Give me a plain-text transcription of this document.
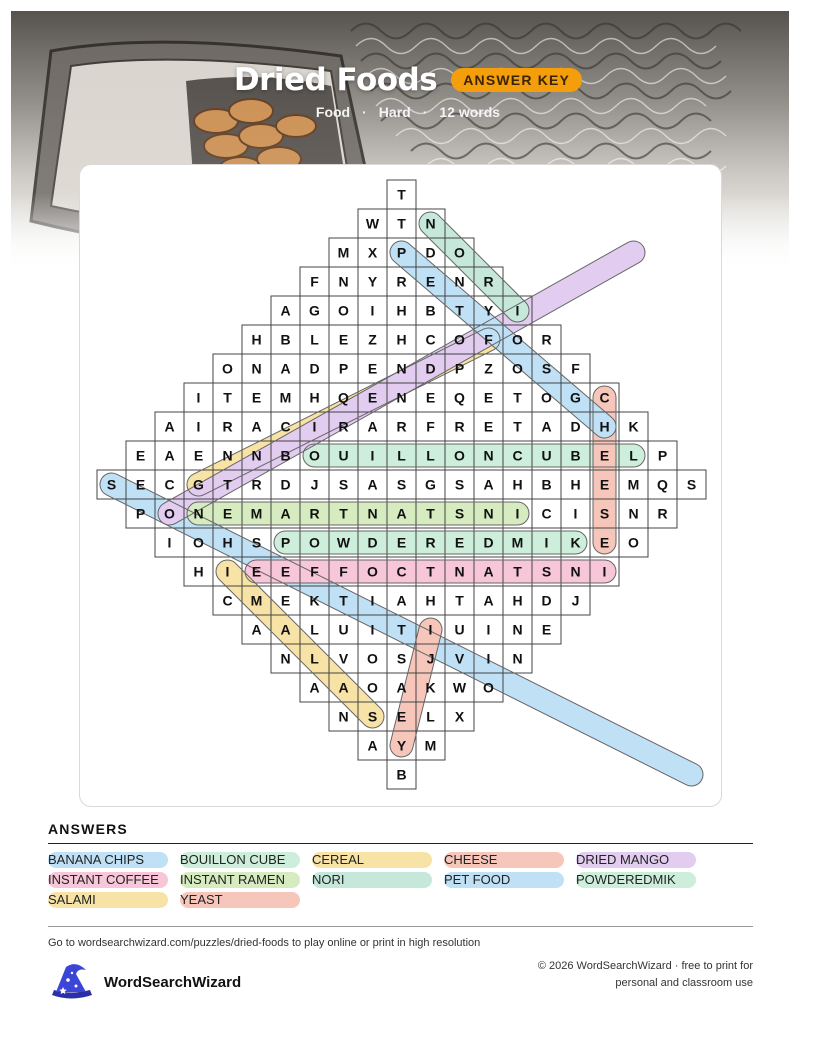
Dried Foods	ANSWER KEY
Food · Hard · 12 words
T
W T N
M X P D O
F N Y R E N R
A G O I H B T Y I
H B L E Z H C O F O R
O N A D P E N D P Z O S F
I T E M H Q E N E Q E T O G C
A I R A C I R A R F R E T A D H K
E A E N N B O U I L L O N C U B E L P
S E C G T R D J S A S G S A H B H E M Q S
P O N E M A R T N A T S N I C I S N R
I O H S P O W D E R E D M I K E O
H I E E F F O C T N A T S N I
C M E K T I A H T A H D J
A A L U I T I U I N E
N L V O S J V I N
A A O A K W O
N S E L X
A Y M
B
ANSWERS
BANANA CHIPS	BOUILLON CUBE	CEREAL	CHEESE	DRIED MANGO
INSTANT COFFEE	INSTANT RAMEN	NORI	PET FOOD	POWDEREDMIK
SALAMI	YEAST
Go to wordsearchwizard.com/puzzles/dried-foods to play online or print in high resolution
WordSearchWizard
© 2026 WordSearchWizard · free to print for personal and classroom use
